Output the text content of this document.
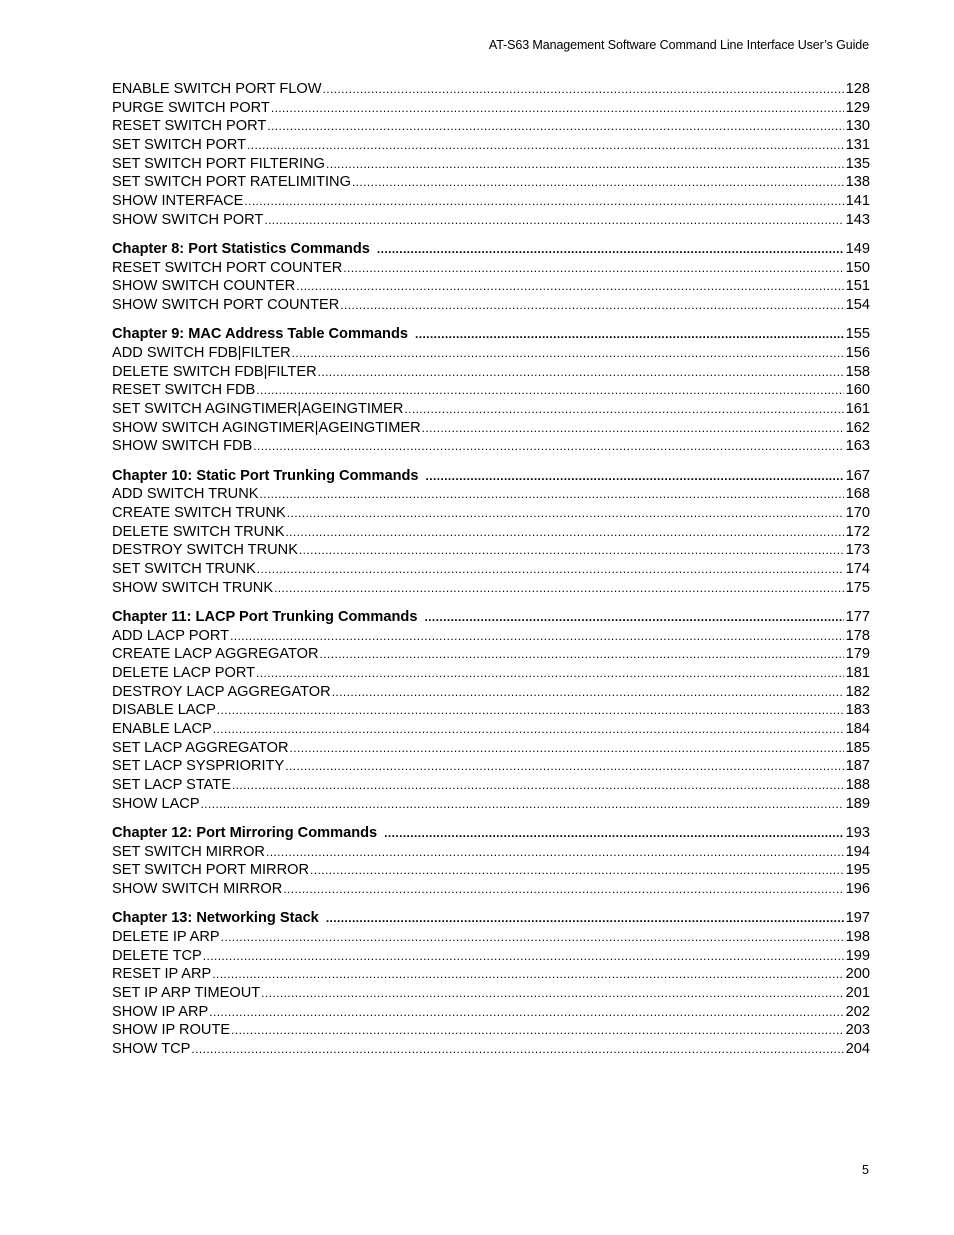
AT-S63 Management Software Command Line Interface User’s Guide
ENABLE SWITCH PORT FLOW .....	128
PURGE SWITCH PORT .....	129
RESET SWITCH PORT .....	130
SET SWITCH PORT .....	131
SET SWITCH PORT FILTERING .....	135
SET SWITCH PORT RATELIMITING .....	138
SHOW INTERFACE .....	141
SHOW SWITCH PORT .....	143
Chapter 8: Port Statistics Commands .....	149
RESET SWITCH PORT COUNTER .....	150
SHOW SWITCH COUNTER .....	151
SHOW SWITCH PORT COUNTER .....	154
Chapter 9: MAC Address Table Commands .....	155
ADD SWITCH FDB|FILTER .....	156
DELETE SWITCH FDB|FILTER .....	158
RESET SWITCH FDB .....	160
SET SWITCH AGINGTIMER|AGEINGTIMER .....	161
SHOW SWITCH AGINGTIMER|AGEINGTIMER .....	162
SHOW SWITCH FDB .....	163
Chapter 10: Static Port Trunking Commands .....	167
ADD SWITCH TRUNK .....	168
CREATE SWITCH TRUNK .....	170
DELETE SWITCH TRUNK .....	172
DESTROY SWITCH TRUNK .....	173
SET SWITCH TRUNK .....	174
SHOW SWITCH TRUNK .....	175
Chapter 11: LACP Port Trunking Commands .....	177
ADD LACP PORT .....	178
CREATE LACP AGGREGATOR .....	179
DELETE LACP PORT .....	181
DESTROY LACP AGGREGATOR .....	182
DISABLE LACP .....	183
ENABLE LACP .....	184
SET LACP AGGREGATOR .....	185
SET LACP SYSPRIORITY .....	187
SET LACP STATE .....	188
SHOW LACP .....	189
Chapter 12: Port Mirroring Commands .....	193
SET SWITCH MIRROR .....	194
SET SWITCH PORT MIRROR .....	195
SHOW SWITCH MIRROR .....	196
Chapter 13: Networking Stack .....	197
DELETE IP ARP .....	198
DELETE TCP .....	199
RESET IP ARP .....	200
SET IP ARP TIMEOUT .....	201
SHOW IP ARP .....	202
SHOW IP ROUTE .....	203
SHOW TCP .....	204
5
